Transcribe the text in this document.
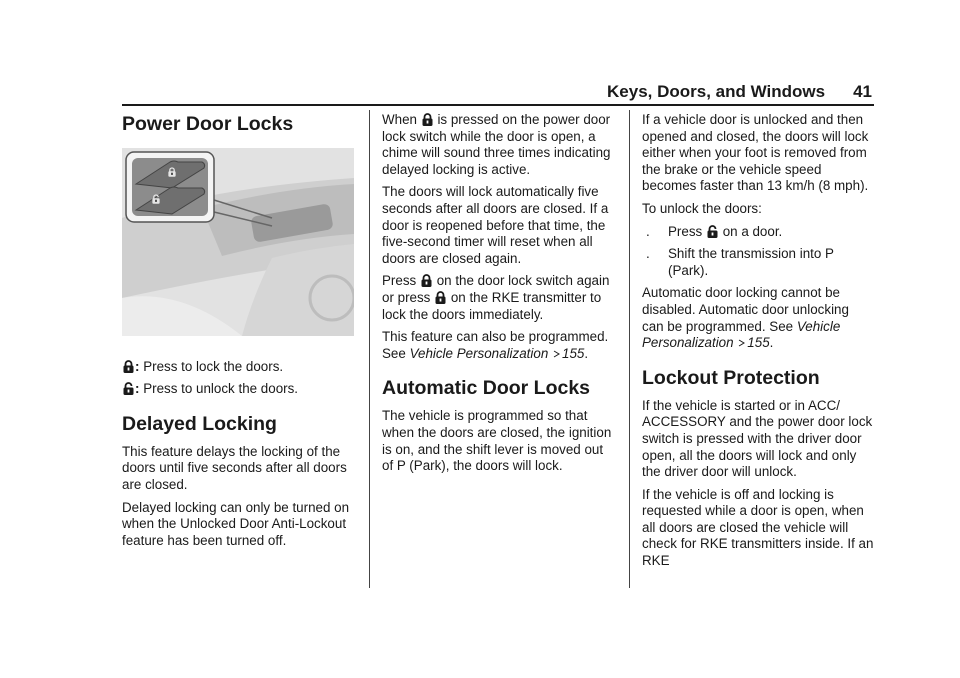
Keys, Doors, and Windows 41
Power Door Locks

: Press to lock the doors.

: Press to unlock the doors.

Delayed Locking

This feature delays the locking of the doors until five seconds after all doors are closed.

Delayed locking can only be turned on when the Unlocked Door Anti-Lockout feature has been turned off.

When is pressed on the power door lock switch while the door is open, a chime will sound three times indicating delayed locking is active.

The doors will lock automatically five seconds after all doors are closed. If a door is reopened before that time, the five-second timer will reset when all doors are closed again.

Press on the door lock switch again or press on the RKE transmitter to lock the doors immediately.

This feature can also be programmed. See Vehicle Personalization 155.

Automatic Door Locks

The vehicle is programmed so that when the doors are closed, the ignition is on, and the shift lever is moved out of P (Park), the doors will lock.

If a vehicle door is unlocked and then opened and closed, the doors will lock either when your foot is removed from the brake or the vehicle speed becomes faster than 13 km/h (8 mph).

To unlock the doors:

.	Press on a door.
.	Shift the transmission into P (Park).

Automatic door locking cannot be disabled. Automatic door unlocking can be programmed. See Vehicle Personalization 155.

Lockout Protection

If the vehicle is started or in ACC/ ACCESSORY and the power door lock switch is pressed with the driver door open, all the doors will lock and only the driver door will unlock.

If the vehicle is off and locking is requested while a door is open, when all doors are closed the vehicle will check for RKE transmitters inside. If an RKE
